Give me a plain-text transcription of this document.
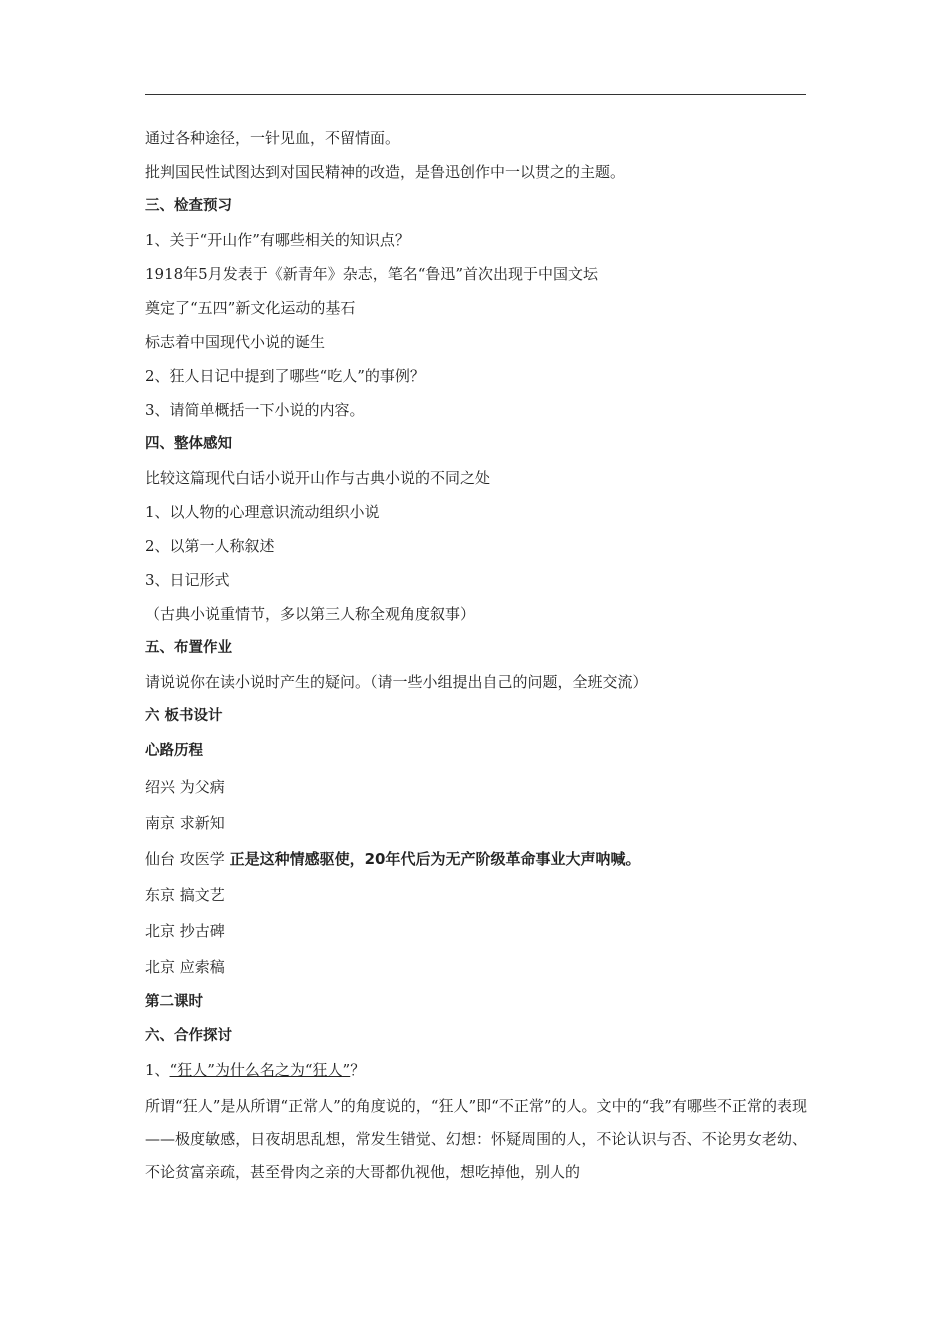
通过各种途径，一针见血，不留情面。
批判国民性试图达到对国民精神的改造，是鲁迅创作中一以贯之的主题。
三、检查预习
1、关于“开山作”有哪些相关的知识点？
1918年5月发表于《新青年》杂志，笔名“鲁迅”首次出现于中国文坛
奠定了“五四”新文化运动的基石
标志着中国现代小说的诞生
2、狂人日记中提到了哪些“吃人”的事例？
3、请简单概括一下小说的内容。
四、整体感知
比较这篇现代白话小说开山作与古典小说的不同之处
1、以人物的心理意识流动组织小说
2、以第一人称叙述
3、日记形式
（古典小说重情节，多以第三人称全观角度叙事）
五、布置作业
请说说你在读小说时产生的疑问。（请一些小组提出自己的问题，全班交流）
六 板书设计
心路历程
绍兴 为父病
南京 求新知
仙台 攻医学 正是这种情感驱使，20年代后为无产阶级革命事业大声呐喊。
东京 搞文艺
北京 抄古碑
北京 应索稿
第二课时
六、合作探讨
1、“狂人”为什么名之为“狂人”？
所谓“狂人”是从所谓“正常人”的角度说的，“狂人”即“不正常”的人。文中的“我”有哪些不正常的表现——极度敏感，日夜胡思乱想，常发生错觉、幻想：怀疑周围的人，不论认识与否、不论男女老幼、不论贫富亲疏，甚至骨肉之亲的大哥都仇视他，想吃掉他，别人的
